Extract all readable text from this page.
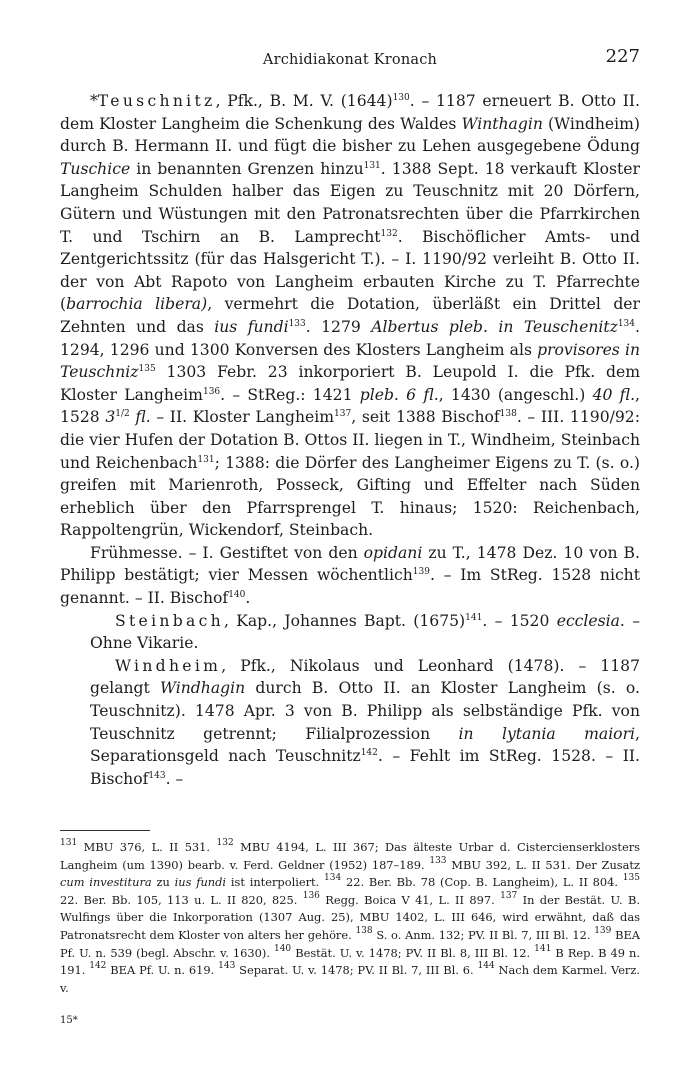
Archidiakonat Kronach	227

*Teuschnitz, Pfk., B. M. V. $(1644)^{130}$. – 1187 erneuert B. Otto II. dem Kloster Langheim die Schenkung des Waldes Winthagin (Windheim) durch B. Hermann II. und fügt die bisher zu Lehen ausgegebene Ödung Tuschice in benannten Grenzen hinzu$^{131}$. 1388 Sept. 18 verkauft Kloster Langheim Schulden halber das Eigen zu Teuschnitz mit 20 Dörfern, Gütern und Wüstungen mit den Patronatsrechten über die Pfarrkirchen T. und Tschirn an B. Lamprecht$^{132}$. Bischöflicher Amts- und Zentgerichtssitz (für das Halsgericht T.). – I. 1190/92 verleiht B. Otto II. der von Abt Rapoto von Langheim erbauten Kirche zu T. Pfarrechte (barrochia libera), vermehrt die Dotation, überläßt ein Drittel der Zehnten und das ius fundi$^{133}$. 1279 Albertus pleb. in Teuschenitz$^{134}$. 1294, 1296 und 1300 Konversen des Klosters Langheim als provisores in Teuschniz$^{135}$ 1303 Febr. 23 inkorporiert B. Leupold I. die Pfk. dem Kloster Langheim$^{136}$. – StReg.: 1421 pleb. 6 fl., 1430 (angeschl.) 40 fl., 1528 $3^{1/2}$ fl. – II. Kloster Langheim$^{137}$, seit 1388 Bischof$^{138}$. – III. 1190/92: die vier Hufen der Dotation B. Ottos II. liegen in T., Windheim, Steinbach und Reichenbach$^{131}$; 1388: die Dörfer des Langheimer Eigens zu T. (s. o.) greifen mit Marienroth, Posseck, Gifting und Effelter nach Süden erheblich über den Pfarrsprengel T. hinaus; 1520: Reichenbach, Rappoltengrün, Wickendorf, Steinbach.

Frühmesse. – I. Gestiftet von den opidani zu T., 1478 Dez. 10 von B. Philipp bestätigt; vier Messen wöchentlich$^{139}$. – Im StReg. 1528 nicht genannt. – II. Bischof$^{140}$.

Steinbach, Kap., Johannes Bapt. $(1675)^{141}$. – 1520 ecclesia. – Ohne Vikarie.

Windheim, Pfk., Nikolaus und Leonhard (1478). – 1187 gelangt Windhagin durch B. Otto II. an Kloster Langheim (s. o. Teuschnitz). 1478 Apr. 3 von B. Philipp als selbständige Pfk. von Teuschnitz getrennt; Filialprozession in lytania maiori, Separationsgeld nach Teuschnitz$^{142}$. – Fehlt im StReg. 1528. – II. Bischof$^{143}$. –

$^{131}$ MBU 376, L. II 531. $^{132}$ MBU 4194, L. III 367; Das älteste Urbar d. Cistercienserklosters Langheim (um 1390) bearb. v. Ferd. Geldner (1952) 187–189. $^{133}$ MBU 392, L. II 531. Der Zusatz cum investitura zu ius fundi ist interpoliert. $^{134}$ 22. Ber. Bb. 78 (Cop. B. Langheim), L. II 804. $^{135}$ 22. Ber. Bb. 105, 113 u. L. II 820, 825. $^{136}$ Regg. Boica V 41, L. II 897. $^{137}$ In der Bestät. U. B. Wulfings über die Inkorporation (1307 Aug. 25), MBU 1402, L. III 646, wird erwähnt, daß das Patronatsrecht dem Kloster von alters her gehöre. $^{138}$ S. o. Anm. 132; PV. II Bl. 7, III Bl. 12. $^{139}$ BEA Pf. U. n. 539 (begl. Abschr. v. 1630). $^{140}$ Bestät. U. v. 1478; PV. II Bl. 8, III Bl. 12. $^{141}$ B Rep. B 49 n. 191. $^{142}$ BEA Pf. U. n. 619. $^{143}$ Separat. U. v. 1478; PV. II Bl. 7, III Bl. 6. $^{144}$ Nach dem Karmel. Verz. v.

15*
